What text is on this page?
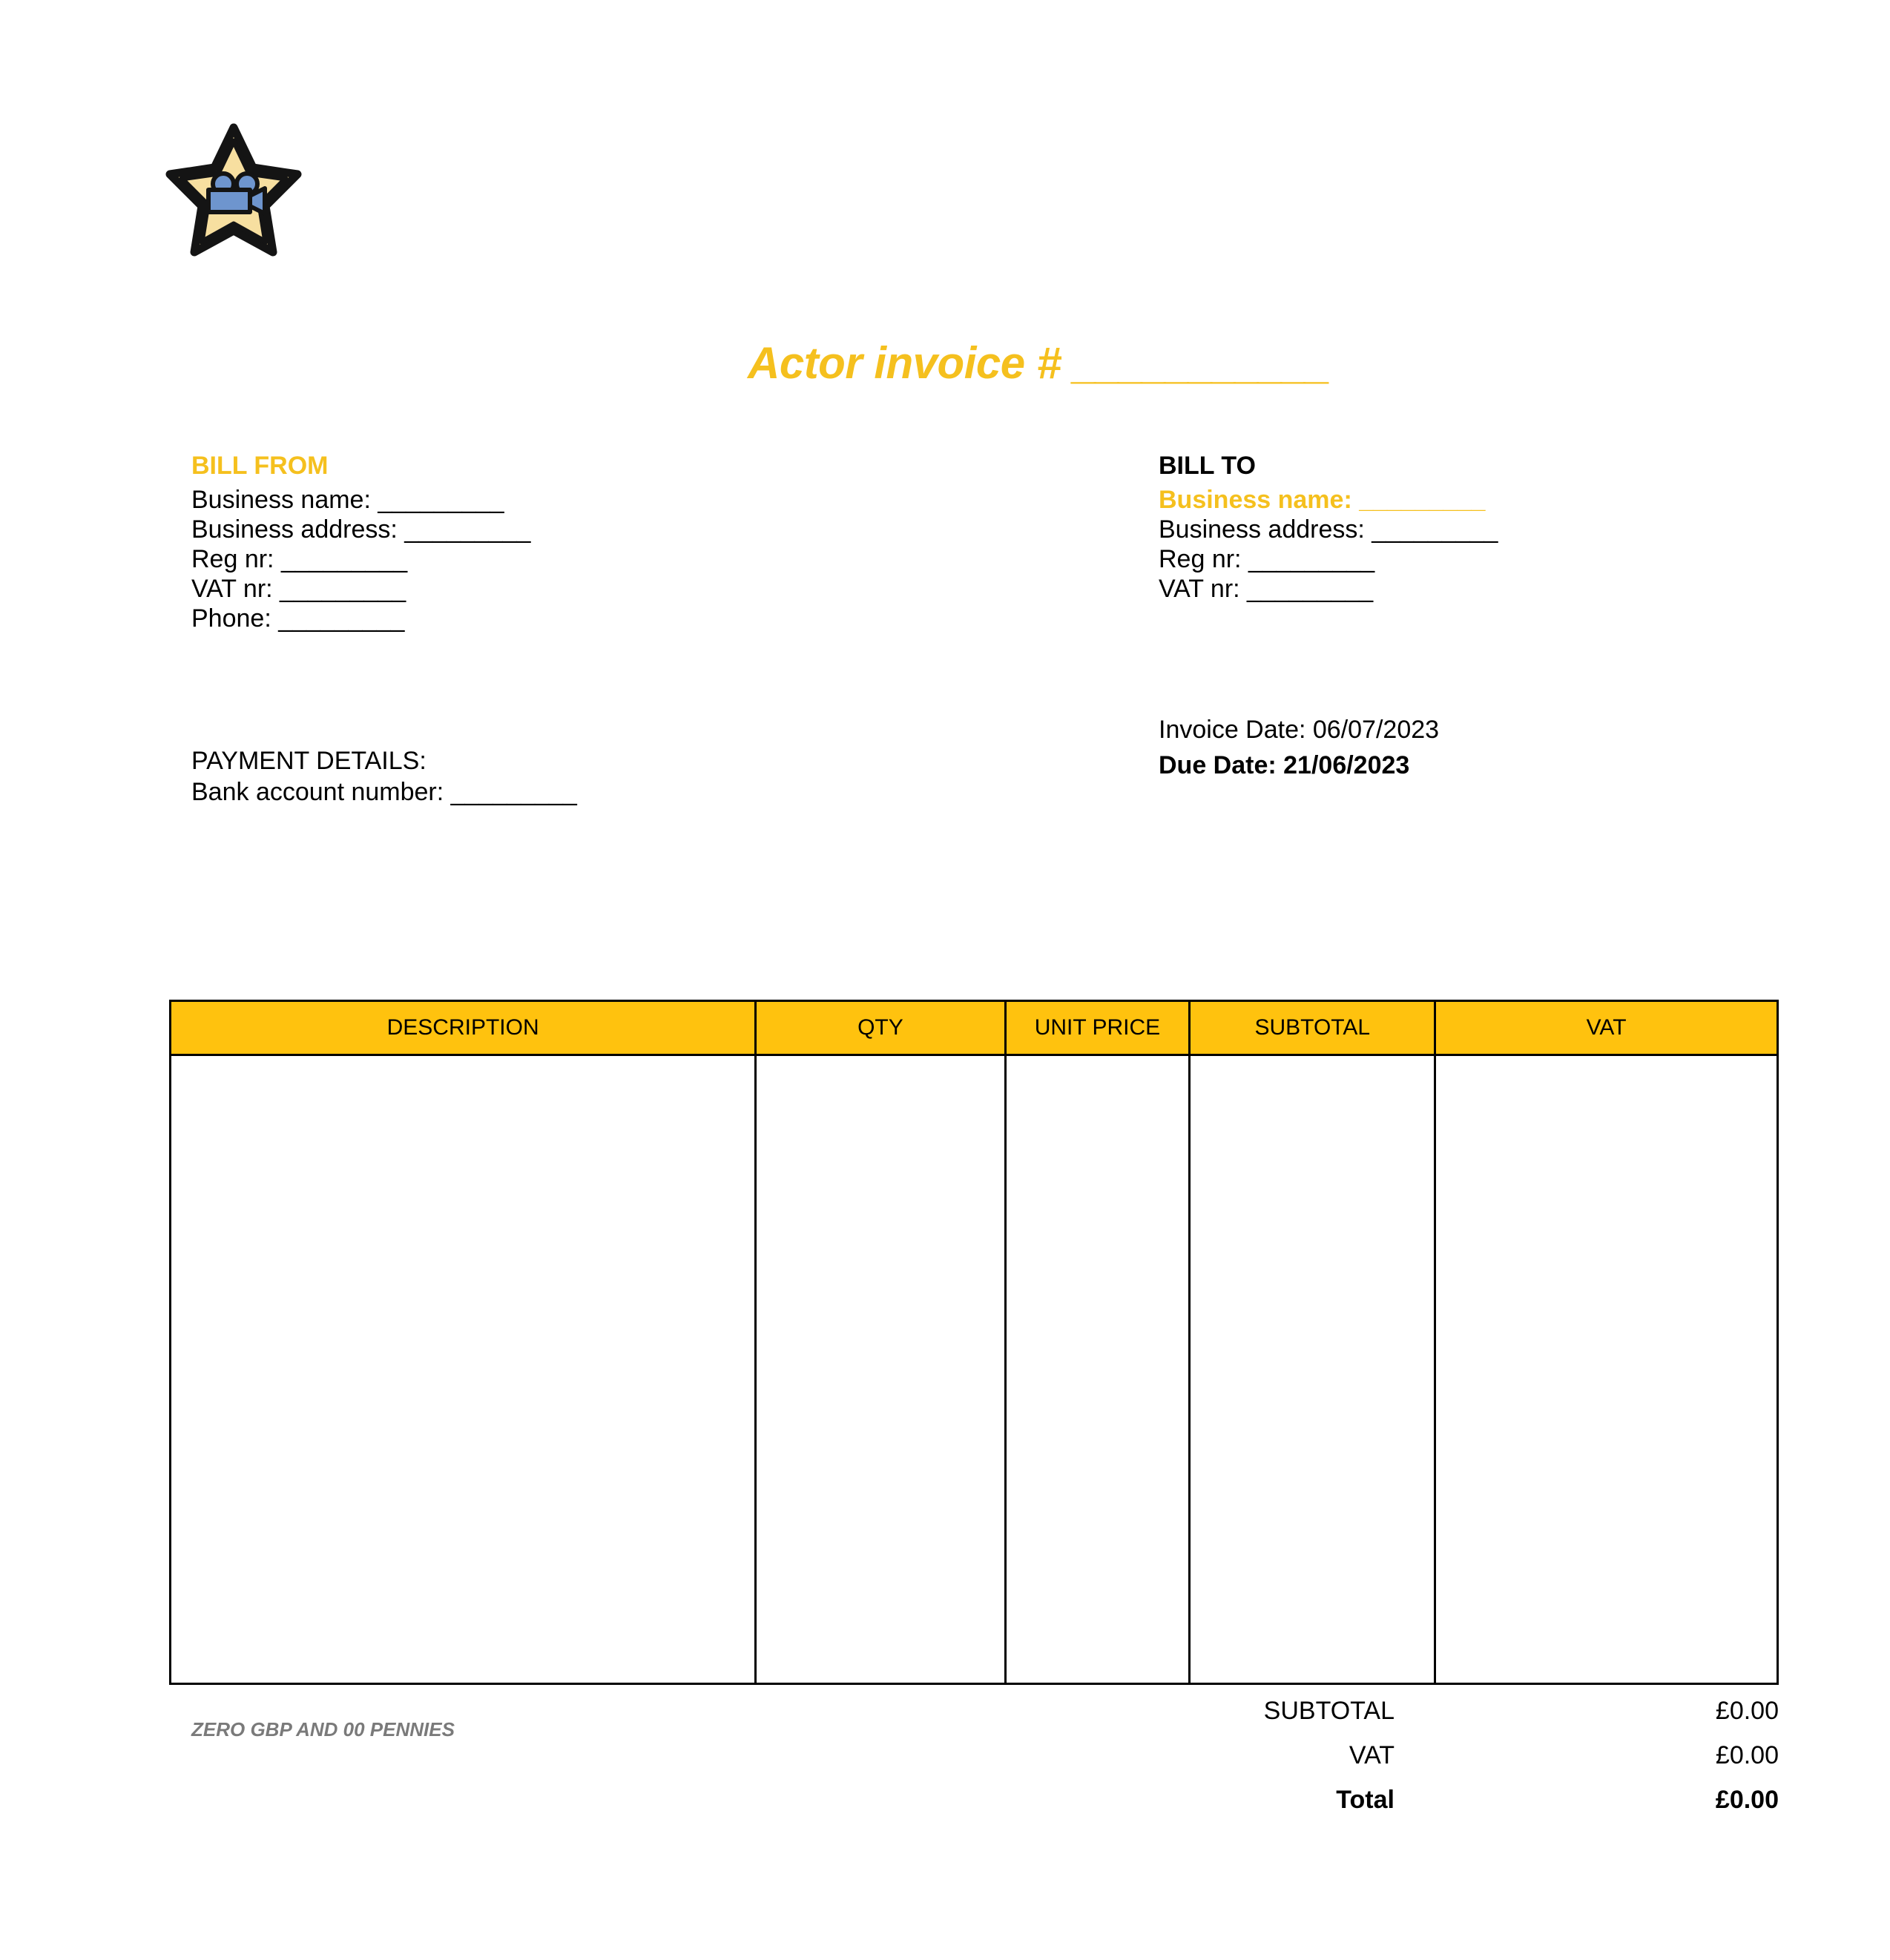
Actor invoice # ___________
BILL FROM
Business name: _________
Business address: _________
Reg nr: _________
VAT nr: _________
Phone: _________
BILL TO
Business name: _________
Business address: _________
Reg nr: _________
VAT nr: _________
Invoice Date: 06/07/2023
Due Date: 21/06/2023
PAYMENT DETAILS:
Bank account number: _________
DESCRIPTION	QTY	UNIT PRICE	SUBTOTAL	VAT

ZERO GBP AND 00 PENNIES
SUBTOTAL	£0.00
VAT	£0.00
Total	£0.00
